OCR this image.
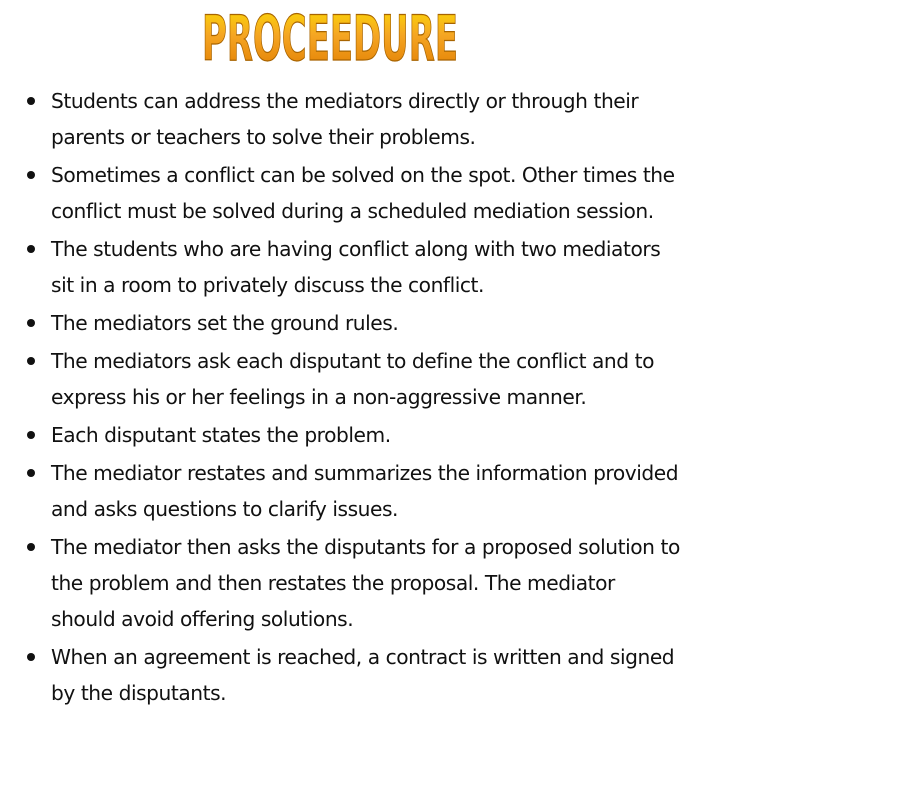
PROCEEDURE
Students can address the mediators directly or through their parents or teachers to solve their problems.
Sometimes a conflict can be solved on the spot. Other times the conflict must be solved during a scheduled mediation session.
The students who are having conflict along with two mediators sit in a room to privately discuss the conflict.
The mediators set the ground rules.
The mediators ask each disputant to define the conflict and to express his or her feelings in a non-aggressive manner.
Each disputant states the problem.
The mediator restates and summarizes the information provided and asks questions to clarify issues.
The mediator then asks the disputants for a proposed solution to the problem and then restates the proposal. The mediator should avoid offering solutions.
When an agreement is reached, a contract is written and signed by the disputants.
